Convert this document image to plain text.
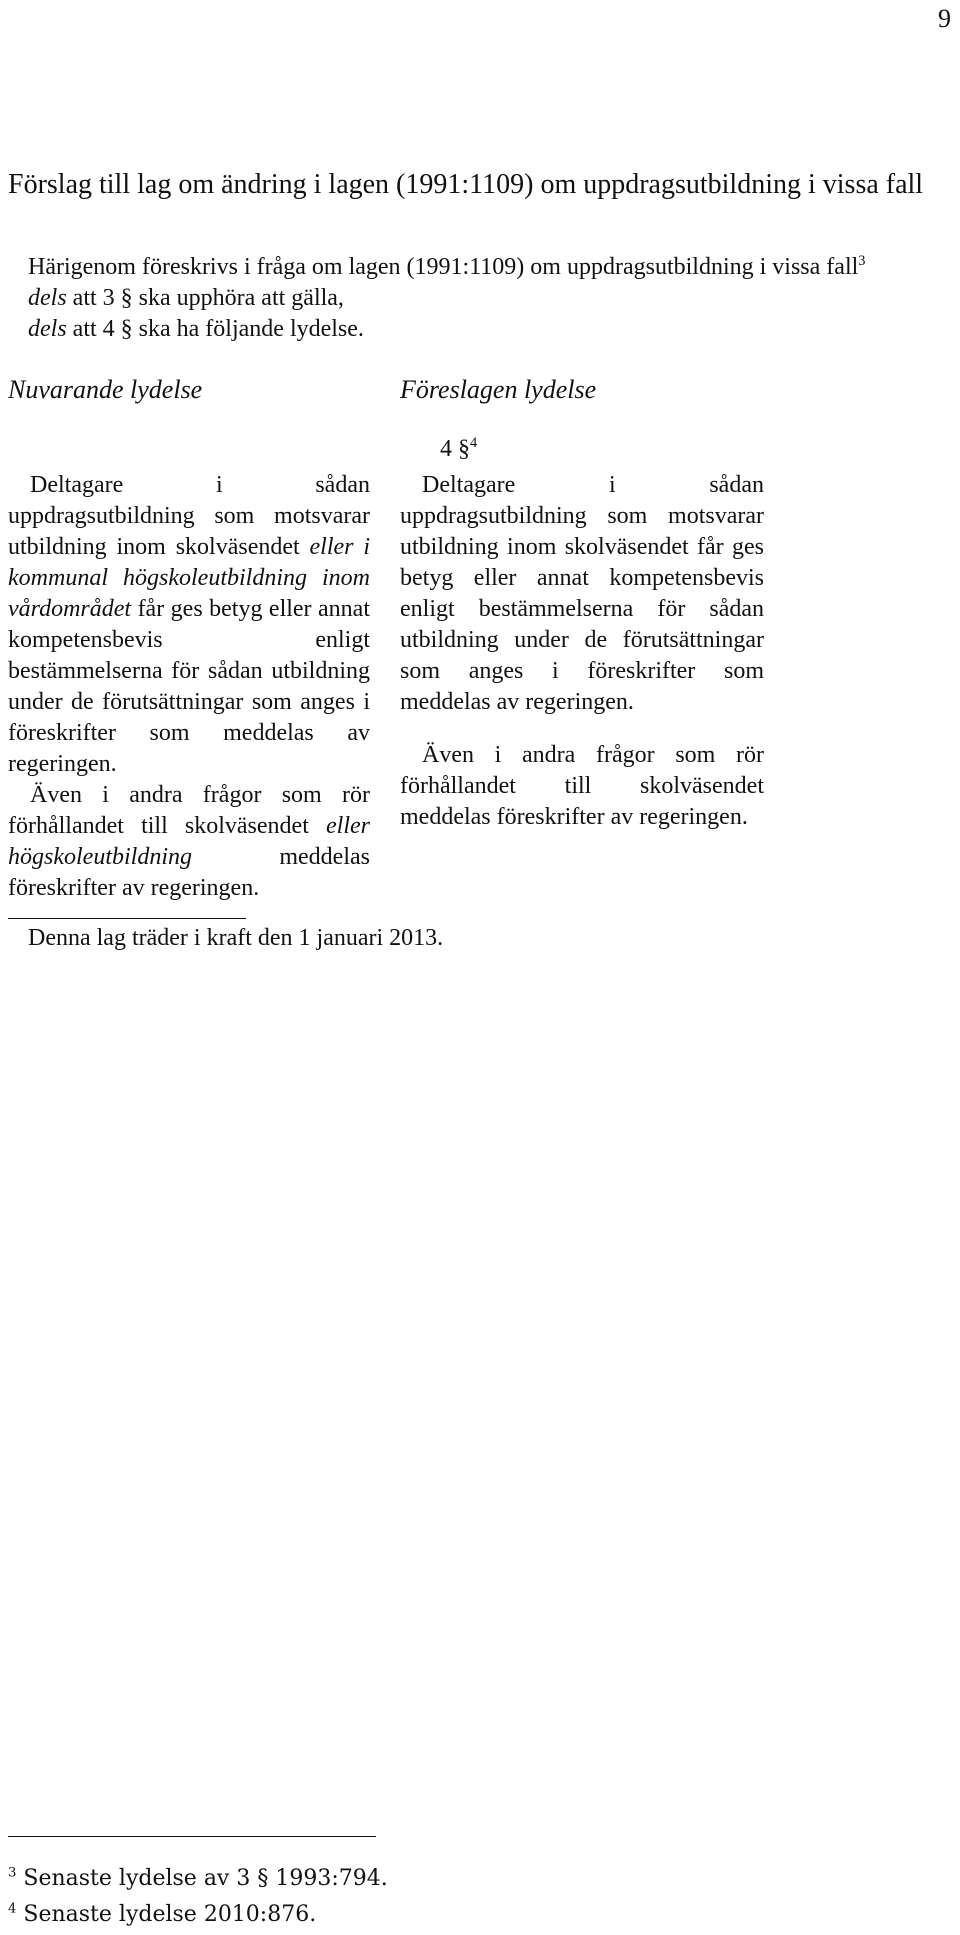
9
Förslag till lag om ändring i lagen (1991:1109) om uppdragsutbildning i vissa fall
Härigenom föreskrivs i fråga om lagen (1991:1109) om uppdragsutbildning i vissa fall$^3$
dels att 3 § ska upphöra att gälla,
dels att 4 § ska ha följande lydelse.
Nuvarande lydelse	Föreslagen lydelse
4 §$^4$

Deltagare i sådan uppdragsutbildning som motsvarar utbildning inom skolväsendet eller i kommunal högskoleutbildning inom vårdområdet får ges betyg eller annat kompetensbevis enligt bestämmelserna för sådan utbildning under de förutsättningar som anges i föreskrifter som meddelas av regeringen.

Även i andra frågor som rör förhållandet till skolväsendet eller högskoleutbildning meddelas föreskrifter av regeringen.

Deltagare i sådan uppdragsutbildning som motsvarar utbildning inom skolväsendet får ges betyg eller annat kompetensbevis enligt bestämmelserna för sådan utbildning under de förutsättningar som anges i föreskrifter som meddelas av regeringen.

Även i andra frågor som rör förhållandet till skolväsendet meddelas föreskrifter av regeringen.

Denna lag träder i kraft den 1 januari 2013.
$^3$ Senaste lydelse av 3 § 1993:794.
$^4$ Senaste lydelse 2010:876.
